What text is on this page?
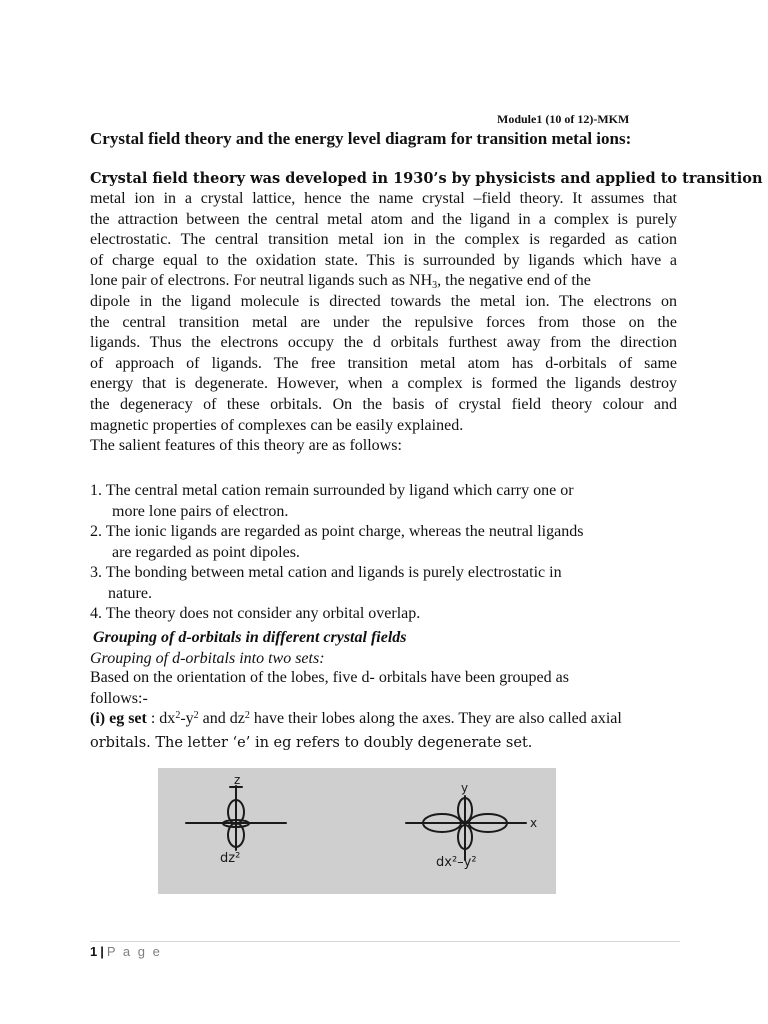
Module1 (10 of 12)-MKM
Crystal field theory and the energy level diagram for transition metal ions:
Crystal field theory was developed in 1930’s by physicists and applied to transition
metal ion in a crystal lattice, hence the name crystal –field theory. It assumes that
the attraction between the central metal atom and the ligand in a complex is purely
electrostatic. The central transition metal ion in the complex is regarded as cation
of charge equal to the oxidation state. This is surrounded by ligands which have a
lone pair of electrons. For neutral ligands such as $NH_3$, the negative end of the
dipole in the ligand molecule is directed towards the metal ion. The electrons on
the central transition metal are under the repulsive forces from those on the
ligands. Thus the electrons occupy the d orbitals furthest away from the direction
of approach of ligands. The free transition metal atom has d-orbitals of same
energy that is degenerate. However, when a complex is formed the ligands destroy
the degeneracy of these orbitals. On the basis of crystal field theory colour and
magnetic properties of complexes can be easily explained.
The salient features of this theory are as follows:
1. The central metal cation remain surrounded by ligand which carry one or
more lone pairs of electron.
2. The ionic ligands are regarded as point charge, whereas the neutral ligands
are regarded as point dipoles.
3. The bonding between metal cation and ligands is purely electrostatic in
nature.
4. The theory does not consider any orbital overlap.
Grouping of d-orbitals in different crystal fields
Grouping of d-orbitals into two sets:
Based on the orientation of the lobes, five d- orbitals have been grouped as
follows:-
(i) eg set : $dx^2-y^2$ and $dz^2$ have their lobes along the axes. They are also called axial
orbitals. The letter ‘e’ in eg refers to doubly degenerate set.
z
y
x
dz²	dx²–y²
1 | P a g e
